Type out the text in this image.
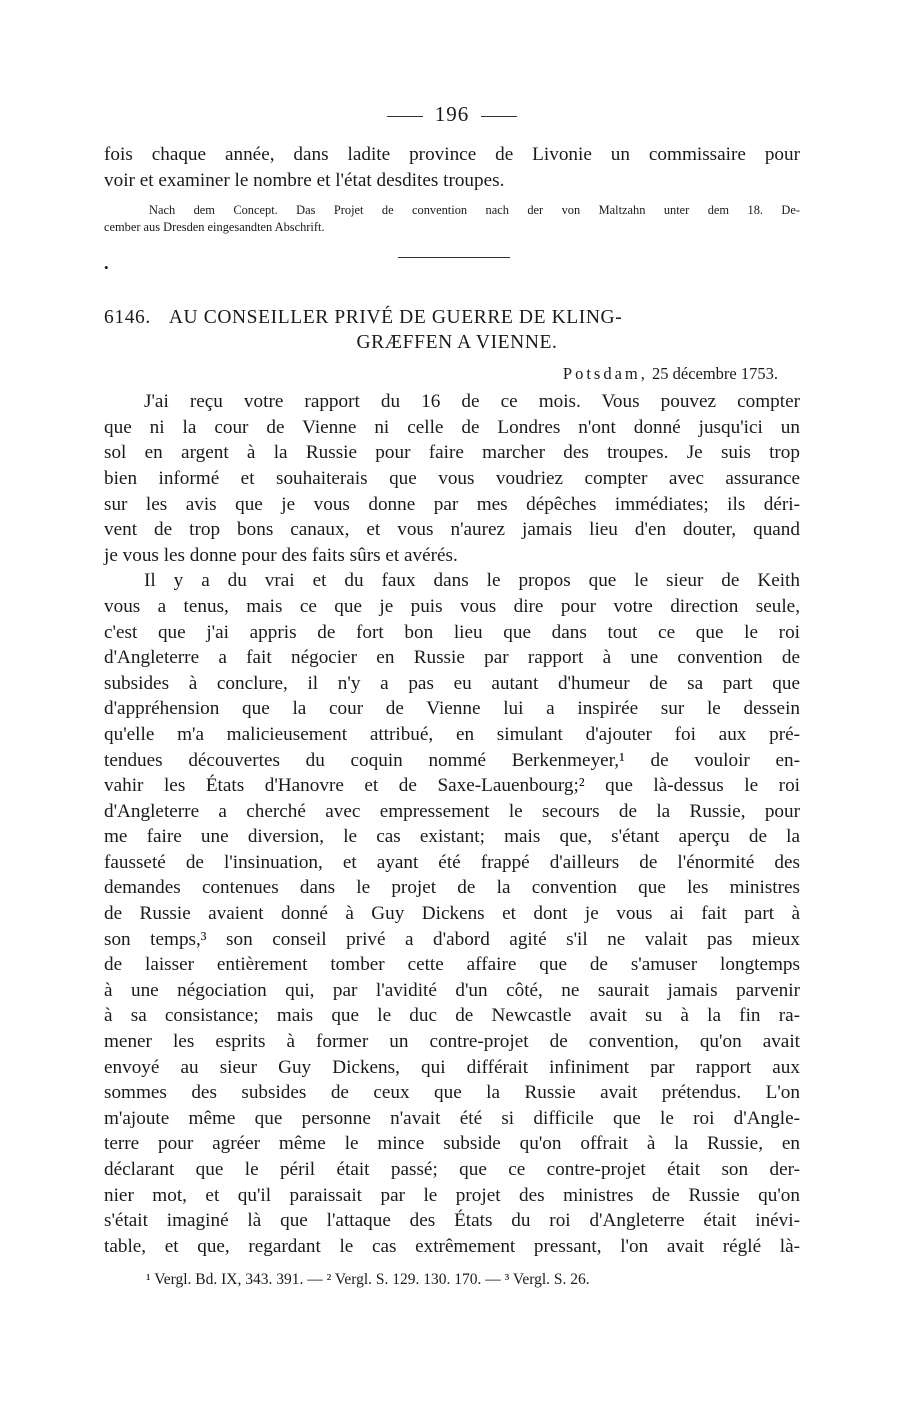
196
fois chaque année, dans ladite province de Livonie un commissaire pour
voir et examiner le nombre et l'état desdites troupes.
Nach dem Concept. Das Projet de convention nach der von Maltzahn unter dem 18. De-
cember aus Dresden eingesandten Abschrift.
•
6146. AU CONSEILLER PRIVÉ DE GUERRE DE KLING-
GRÆFFEN A VIENNE.
Potsdam, 25 décembre 1753.
J'ai reçu votre rapport du 16 de ce mois. Vous pouvez compter
que ni la cour de Vienne ni celle de Londres n'ont donné jusqu'ici un
sol en argent à la Russie pour faire marcher des troupes. Je suis trop
bien informé et souhaiterais que vous voudriez compter avec assurance
sur les avis que je vous donne par mes dépêches immédiates; ils déri-
vent de trop bons canaux, et vous n'aurez jamais lieu d'en douter, quand
je vous les donne pour des faits sûrs et avérés.
Il y a du vrai et du faux dans le propos que le sieur de Keith
vous a tenus, mais ce que je puis vous dire pour votre direction seule,
c'est que j'ai appris de fort bon lieu que dans tout ce que le roi
d'Angleterre a fait négocier en Russie par rapport à une convention de
subsides à conclure, il n'y a pas eu autant d'humeur de sa part que
d'appréhension que la cour de Vienne lui a inspirée sur le dessein
qu'elle m'a malicieusement attribué, en simulant d'ajouter foi aux pré-
tendues découvertes du coquin nommé Berkenmeyer,¹ de vouloir en-
vahir les États d'Hanovre et de Saxe-Lauenbourg;² que là-dessus le roi
d'Angleterre a cherché avec empressement le secours de la Russie, pour
me faire une diversion, le cas existant; mais que, s'étant aperçu de la
fausseté de l'insinuation, et ayant été frappé d'ailleurs de l'énormité des
demandes contenues dans le projet de la convention que les ministres
de Russie avaient donné à Guy Dickens et dont je vous ai fait part à
son temps,³ son conseil privé a d'abord agité s'il ne valait pas mieux
de laisser entièrement tomber cette affaire que de s'amuser longtemps
à une négociation qui, par l'avidité d'un côté, ne saurait jamais parvenir
à sa consistance; mais que le duc de Newcastle avait su à la fin ra-
mener les esprits à former un contre-projet de convention, qu'on avait
envoyé au sieur Guy Dickens, qui différait infiniment par rapport aux
sommes des subsides de ceux que la Russie avait prétendus. L'on
m'ajoute même que personne n'avait été si difficile que le roi d'Angle-
terre pour agréer même le mince subside qu'on offrait à la Russie, en
déclarant que le péril était passé; que ce contre-projet était son der-
nier mot, et qu'il paraissait par le projet des ministres de Russie qu'on
s'était imaginé là que l'attaque des États du roi d'Angleterre était inévi-
table, et que, regardant le cas extrêmement pressant, l'on avait réglé là-
¹ Vergl. Bd. IX, 343. 391. — ² Vergl. S. 129. 130. 170. — ³ Vergl. S. 26.
